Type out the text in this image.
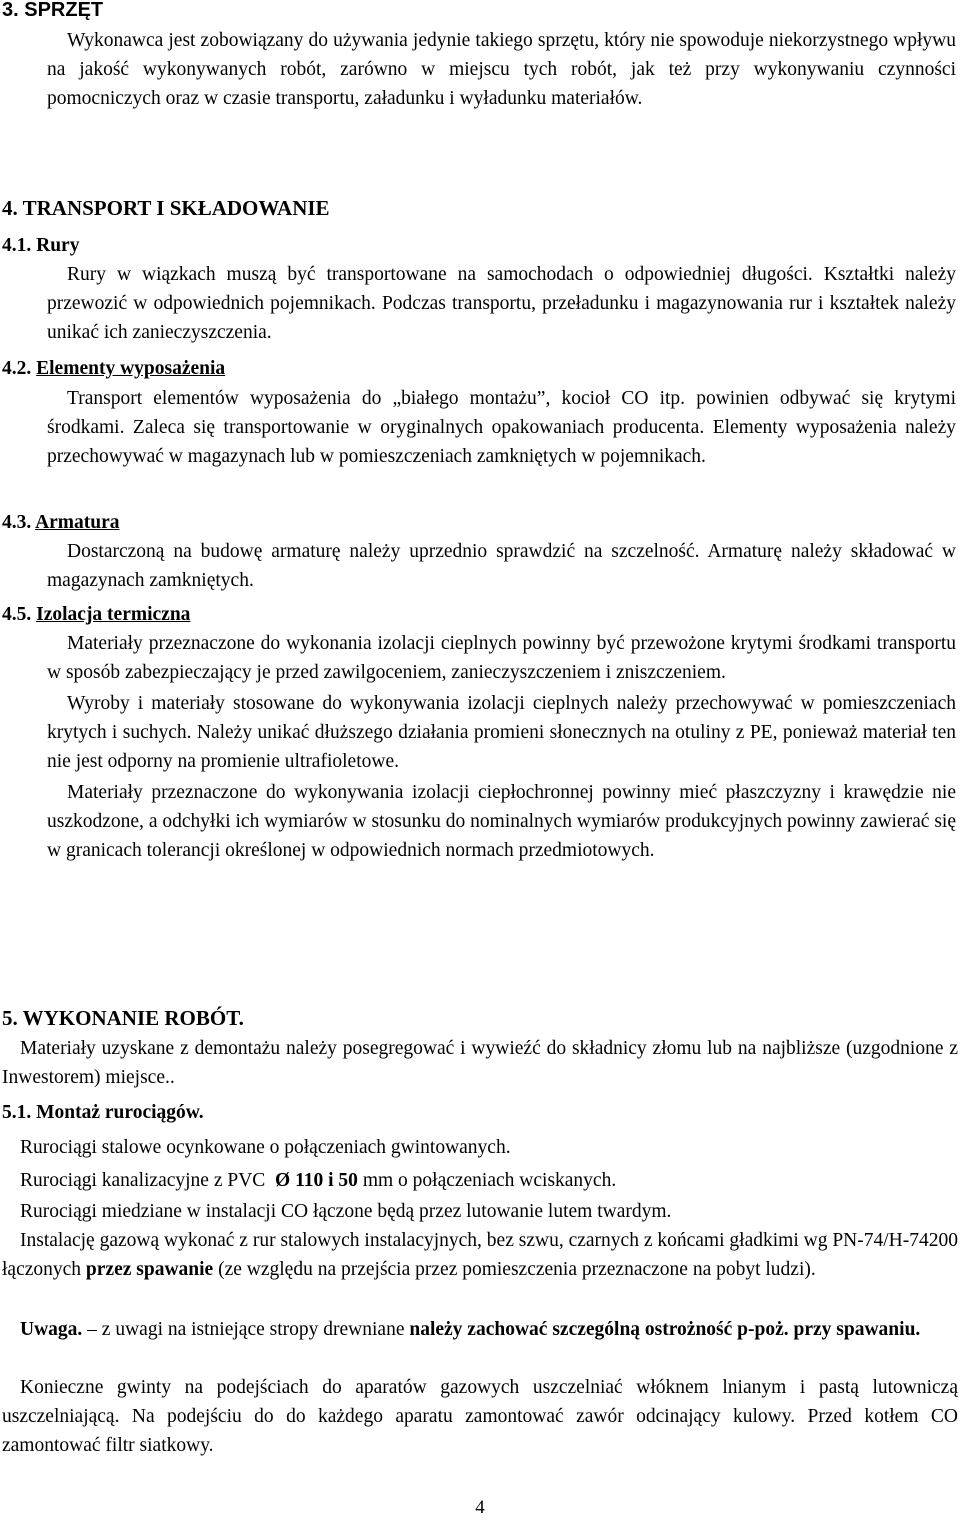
3. SPRZĘT

Wykonawca jest zobowiązany do używania jedynie takiego sprzętu, który nie spowoduje niekorzystnego wpływu na jakość wykonywanych robót, zarówno w miejscu tych robót, jak też przy wykonywaniu czynności pomocniczych oraz w czasie transportu, załadunku i wyładunku materiałów.

4. TRANSPORT I SKŁADOWANIE
4.1. Rury

Rury w wiązkach muszą być transportowane na samochodach o odpowiedniej długości. Kształtki należy przewozić w odpowiednich pojemnikach. Podczas transportu, przeładunku i magazynowania rur i kształtek należy unikać ich zanieczyszczenia.

4.2. Elementy wyposażenia

Transport elementów wyposażenia do „białego montażu”, kocioł CO itp. powinien odbywać się krytymi środkami. Zaleca się transportowanie w oryginalnych opakowaniach producenta. Elementy wyposażenia należy przechowywać w magazynach lub w pomieszczeniach zamkniętych w pojemnikach.

4.3. Armatura

Dostarczoną na budowę armaturę należy uprzednio sprawdzić na szczelność. Armaturę należy składować w magazynach zamkniętych.

4.5. Izolacja termiczna

Materiały przeznaczone do wykonania izolacji cieplnych powinny być przewożone krytymi środkami transportu w sposób zabezpieczający je przed zawilgoceniem, zanieczyszczeniem i zniszczeniem.

Wyroby i materiały stosowane do wykonywania izolacji cieplnych należy przechowywać w pomieszczeniach krytych i suchych. Należy unikać dłuższego działania promieni słonecznych na otuliny z PE, ponieważ materiał ten nie jest odporny na promienie ultrafioletowe.

Materiały przeznaczone do wykonywania izolacji ciepłochronnej powinny mieć płaszczyzny i krawędzie nie uszkodzone, a odchyłki ich wymiarów w stosunku do nominalnych wymiarów produkcyjnych powinny zawierać się w granicach tolerancji określonej w odpowiednich normach przedmiotowych.

5. WYKONANIE ROBÓT.

Materiały uzyskane z demontażu należy posegregować i wywieźć do składnicy złomu lub na najbliższe (uzgodnione z Inwestorem) miejsce..

5.1. Montaż rurociągów.
Rurociągi stalowe ocynkowane o połączeniach gwintowanych.
Rurociągi kanalizacyjne z PVC Ø 110 i 50 mm o połączeniach wciskanych.
Rurociągi miedziane w instalacji CO łączone będą przez lutowanie lutem twardym.

Instalację gazową wykonać z rur stalowych instalacyjnych, bez szwu, czarnych z końcami gładkimi wg PN-74/H-74200 łączonych przez spawanie (ze względu na przejścia przez pomieszczenia przeznaczone na pobyt ludzi).

Uwaga. – z uwagi na istniejące stropy drewniane należy zachować szczególną ostrożność p-poż. przy spawaniu.

Konieczne gwinty na podejściach do aparatów gazowych uszczelniać włóknem lnianym i pastą lutowniczą uszczelniającą. Na podejściu do do każdego aparatu zamontować zawór odcinający kulowy. Przed kotłem CO zamontować filtr siatkowy.

4
